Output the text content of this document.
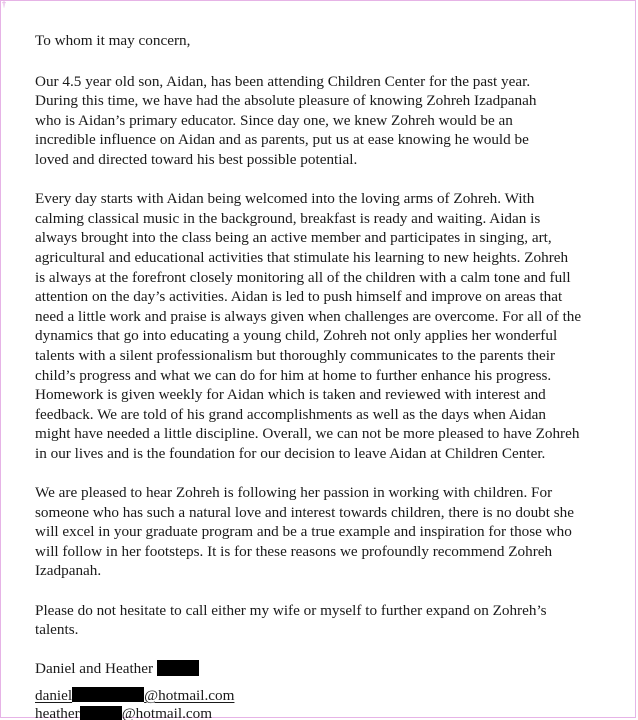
†
To whom it may concern,
Our 4.5 year old son, Aidan, has been attending Children Center for the past year.
During this time, we have had the absolute pleasure of knowing Zohreh Izadpanah
who is Aidan’s primary educator. Since day one, we knew Zohreh would be an
incredible influence on Aidan and as parents, put us at ease knowing he would be
loved and directed toward his best possible potential.
Every day starts with Aidan being welcomed into the loving arms of Zohreh. With
calming classical music in the background, breakfast is ready and waiting. Aidan is
always brought into the class being an active member and participates in singing, art,
agricultural and educational activities that stimulate his learning to new heights. Zohreh
is always at the forefront closely monitoring all of the children with a calm tone and full
attention on the day’s activities. Aidan is led to push himself and improve on areas that
need a little work and praise is always given when challenges are overcome. For all of the
dynamics that go into educating a young child, Zohreh not only applies her wonderful
talents with a silent professionalism but thoroughly communicates to the parents their
child’s progress and what we can do for him at home to further enhance his progress.
Homework is given weekly for Aidan which is taken and reviewed with interest and
feedback. We are told of his grand accomplishments as well as the days when Aidan
might have needed a little discipline. Overall, we can not be more pleased to have Zohreh
in our lives and is the foundation for our decision to leave Aidan at Children Center.
We are pleased to hear Zohreh is following her passion in working with children. For
someone who has such a natural love and interest towards children, there is no doubt she
will excel in your graduate program and be a true example and inspiration for those who
will follow in her footsteps. It is for these reasons we profoundly recommend Zohreh
Izadpanah.
Please do not hesitate to call either my wife or myself to further expand on Zohreh’s
talents.
Daniel and Heather
daniel	@hotmail.com
heather	@hotmail.com
